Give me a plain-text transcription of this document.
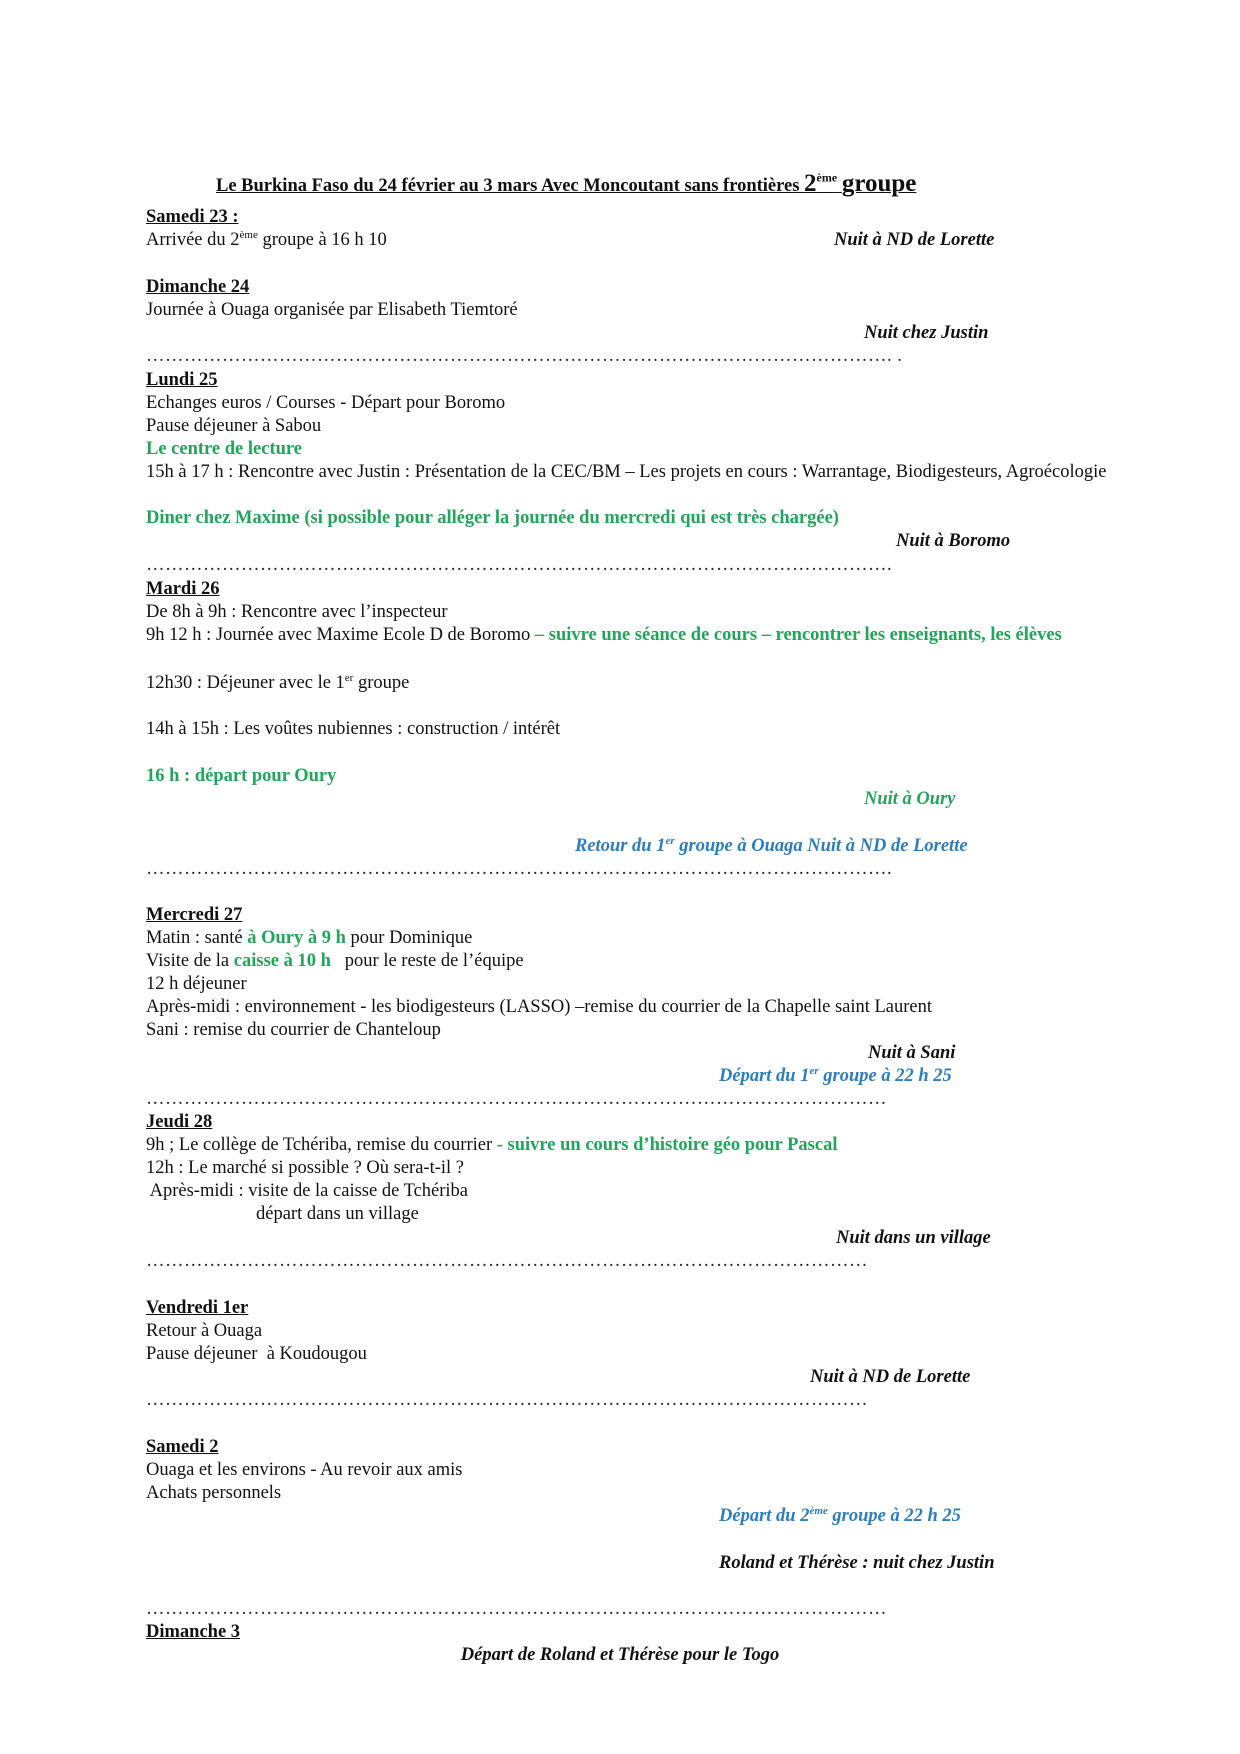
Le Burkina Faso du 24 février au 3 mars Avec Moncoutant sans frontières 2ème groupe
Samedi 23 :
Arrivée du 2ème groupe à 16 h 10	Nuit à ND de Lorette
Dimanche 24
Journée à Ouaga organisée par Elisabeth Tiemtoré
Nuit chez Justin
………………………………………………………………………………………………………. .
Lundi 25
Echanges euros / Courses - Départ pour Boromo
Pause déjeuner à Sabou
Le centre de lecture
15h à 17 h : Rencontre avec Justin : Présentation de la CEC/BM – Les projets en cours : Warrantage, Biodigesteurs, Agroécologie
Diner chez Maxime (si possible pour alléger la journée du mercredi qui est très chargée)
Nuit à Boromo
……………………………………………………………………………………………………….
Mardi 26
De 8h à 9h : Rencontre avec l’inspecteur
9h 12 h : Journée avec Maxime Ecole D de Boromo – suivre une séance de cours – rencontrer les enseignants, les élèves
12h30 : Déjeuner avec le 1er groupe
14h à 15h : Les voûtes nubiennes : construction / intérêt
16 h : départ pour Oury
Nuit à Oury
Retour du 1er groupe à Ouaga Nuit à ND de Lorette
……………………………………………………………………………………………………….
Mercredi 27
Matin : santé à Oury à 9 h pour Dominique
Visite de la caisse à 10 h   pour le reste de l’équipe
12 h déjeuner
Après-midi : environnement - les biodigesteurs (LASSO) –remise du courrier de la Chapelle saint Laurent
Sani : remise du courrier de Chanteloup
Nuit à Sani
Départ du 1er groupe à 22 h 25
………………………………………………………………………………………………………
Jeudi 28
9h ; Le collège de Tchériba, remise du courrier - suivre un cours d’histoire géo pour Pascal
12h : Le marché si possible ? Où sera-t-il ?
Après-midi : visite de la caisse de Tchériba
départ dans un village
Nuit dans un village
……………………………………………………………………………………………………
Vendredi 1er
Retour à Ouaga
Pause déjeuner  à Koudougou
Nuit à ND de Lorette
……………………………………………………………………………………………………
Samedi 2
Ouaga et les environs - Au revoir aux amis
Achats personnels
Départ du 2ème groupe à 22 h 25
Roland et Thérèse : nuit chez Justin
………………………………………………………………………………………………………
Dimanche 3
Départ de Roland et Thérèse pour le Togo
